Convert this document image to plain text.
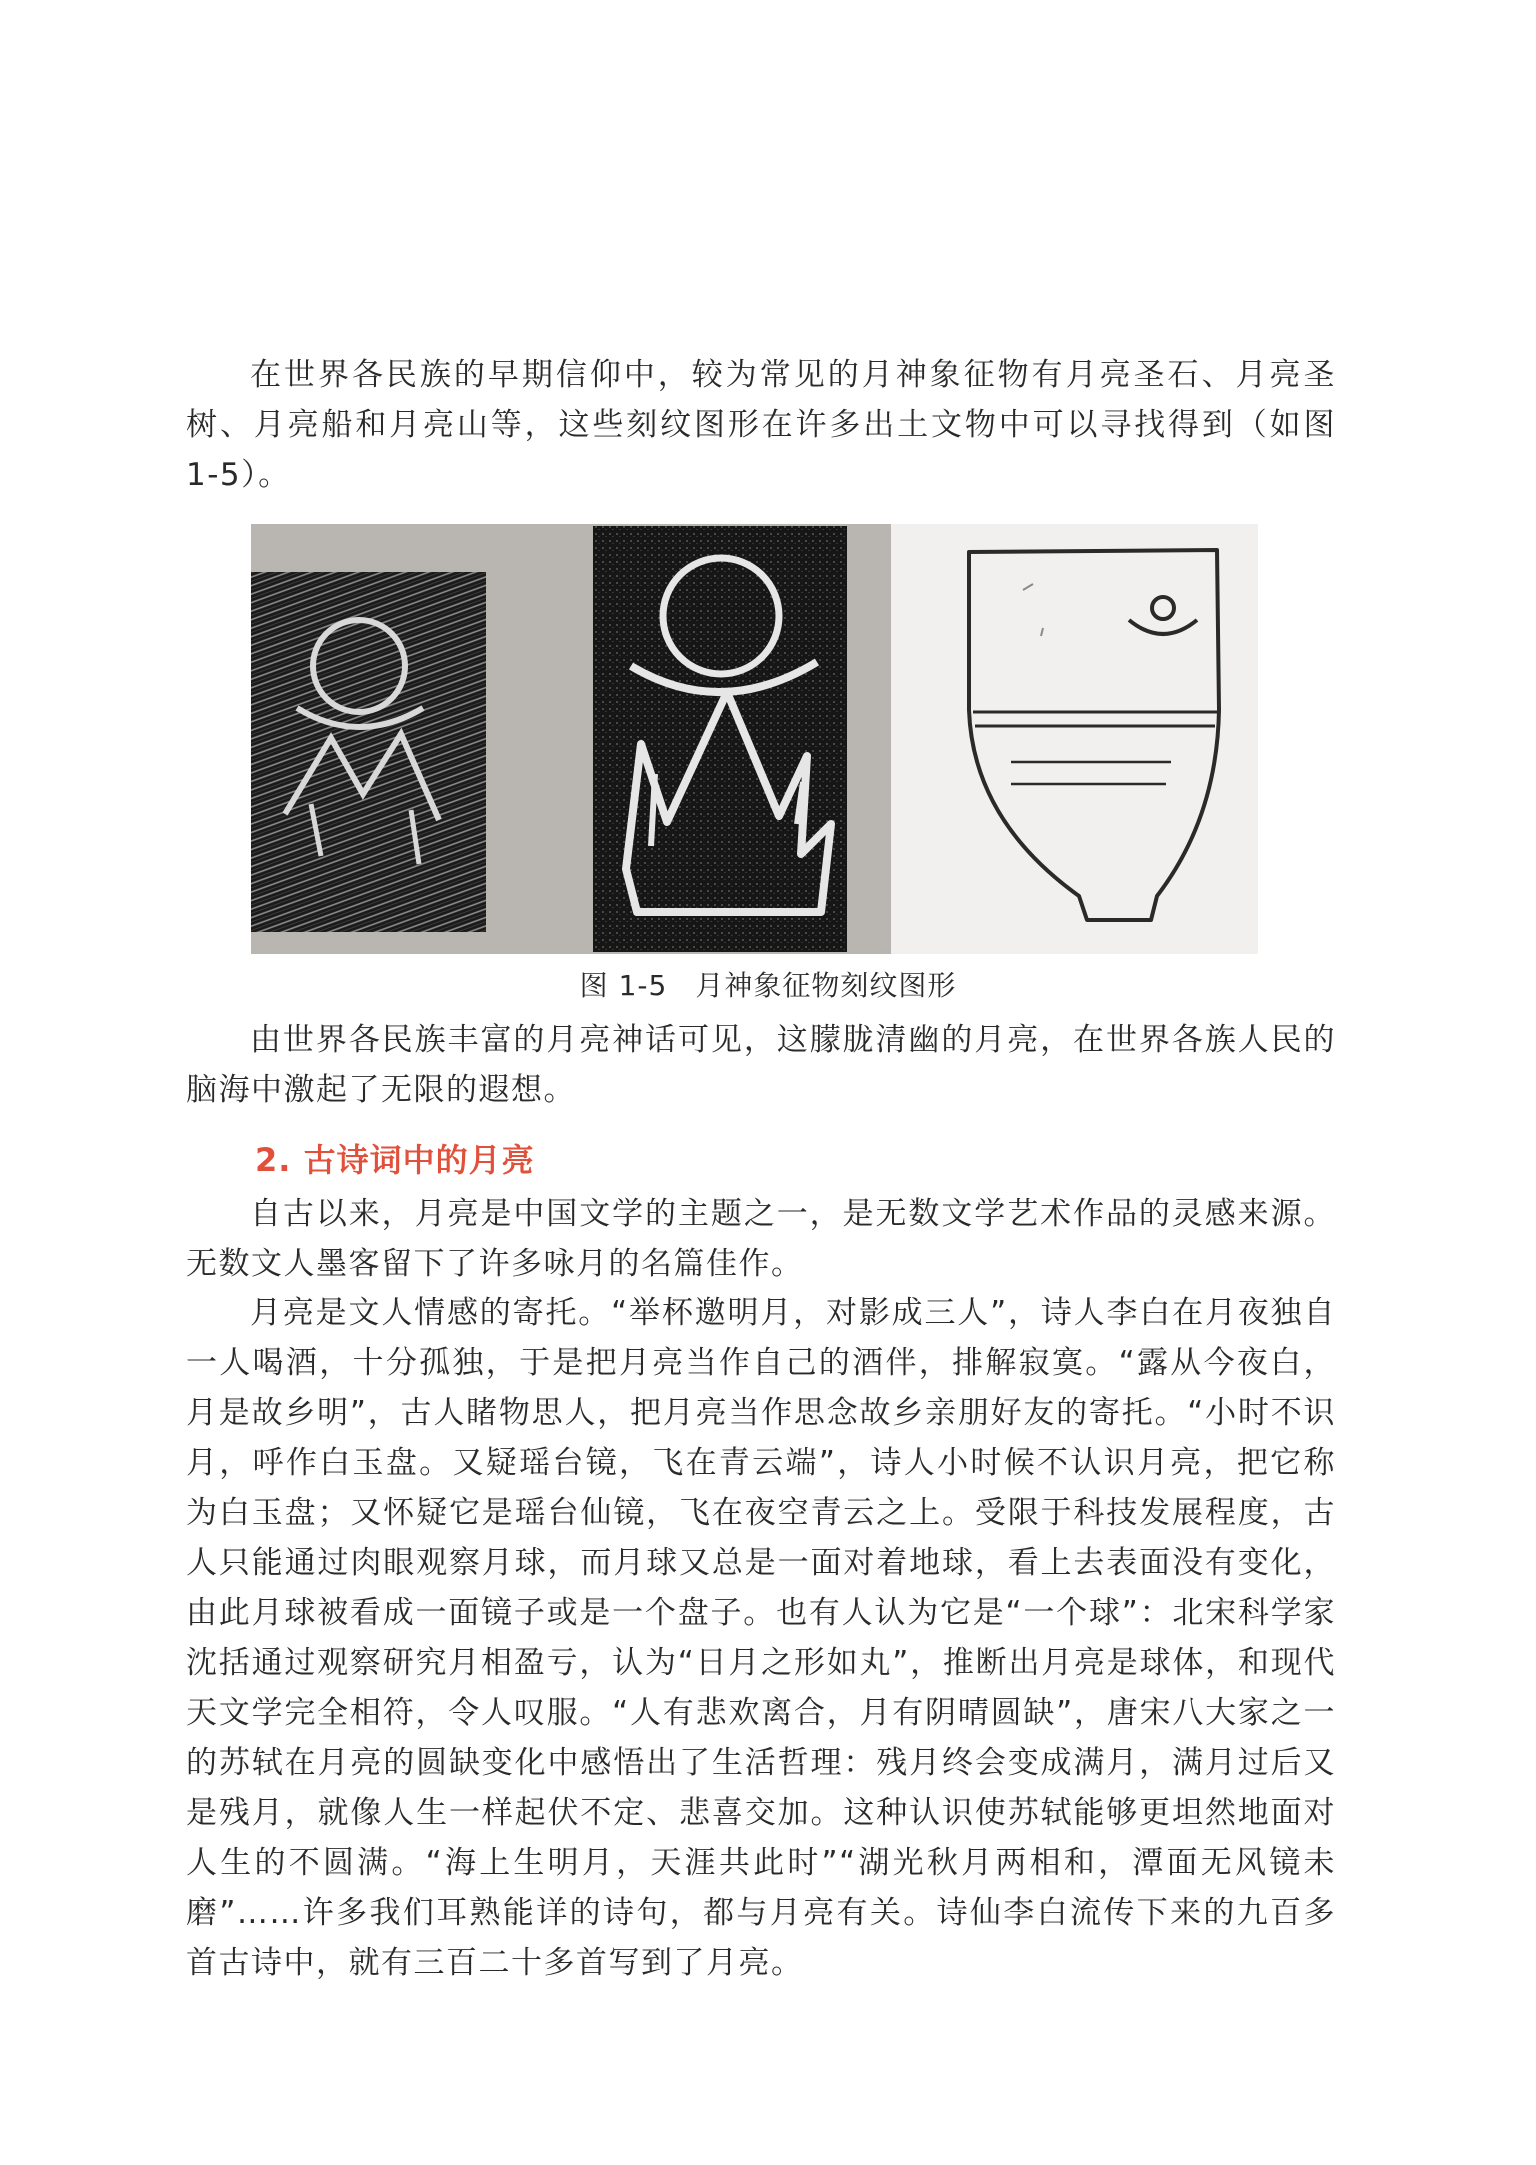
在世界各民族的早期信仰中，较为常见的月神象征物有月亮圣石、月亮圣树、月亮船和月亮山等，这些刻纹图形在许多出土文物中可以寻找得到（如图 1-5）。

图 1-5 月神象征物刻纹图形

由世界各民族丰富的月亮神话可见，这朦胧清幽的月亮，在世界各族人民的脑海中激起了无限的遐想。

2. 古诗词中的月亮

自古以来，月亮是中国文学的主题之一，是无数文学艺术作品的灵感来源。无数文人墨客留下了许多咏月的名篇佳作。

月亮是文人情感的寄托。“举杯邀明月，对影成三人”，诗人李白在月夜独自一人喝酒，十分孤独，于是把月亮当作自己的酒伴，排解寂寞。“露从今夜白，月是故乡明”，古人睹物思人，把月亮当作思念故乡亲朋好友的寄托。“小时不识月，呼作白玉盘。又疑瑶台镜，飞在青云端”，诗人小时候不认识月亮，把它称为白玉盘；又怀疑它是瑶台仙镜，飞在夜空青云之上。受限于科技发展程度，古人只能通过肉眼观察月球，而月球又总是一面对着地球，看上去表面没有变化，由此月球被看成一面镜子或是一个盘子。也有人认为它是“一个球”：北宋科学家沈括通过观察研究月相盈亏，认为“日月之形如丸”，推断出月亮是球体，和现代天文学完全相符，令人叹服。“人有悲欢离合，月有阴晴圆缺”，唐宋八大家之一的苏轼在月亮的圆缺变化中感悟出了生活哲理：残月终会变成满月，满月过后又是残月，就像人生一样起伏不定、悲喜交加。这种认识使苏轼能够更坦然地面对人生的不圆满。“海上生明月，天涯共此时”“湖光秋月两相和，潭面无风镜未磨”……许多我们耳熟能详的诗句，都与月亮有关。诗仙李白流传下来的九百多首古诗中，就有三百二十多首写到了月亮。
